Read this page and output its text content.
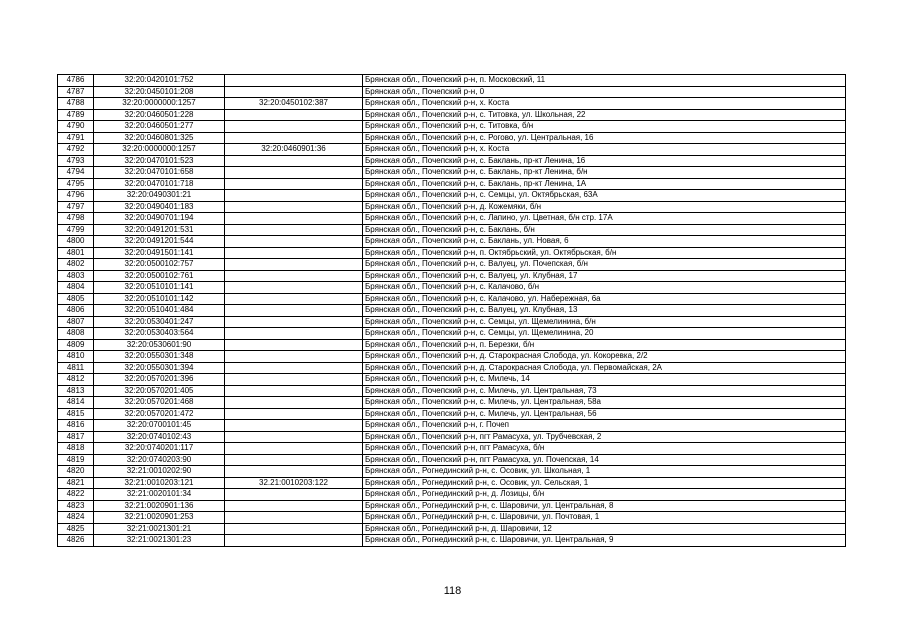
4786	32:20:0420101:752		Брянская обл., Почепский р-н, п. Московский, 11
4787	32:20:0450101:208		Брянская обл., Почепский р-н, 0
4788	32:20:0000000:1257	32:20:0450102:387	Брянская обл., Почепский р-н, х. Коста
4789	32:20:0460501:228		Брянская обл., Почепский р-н, с. Титовка, ул. Школьная, 22
4790	32:20:0460501:277		Брянская обл., Почепский р-н, с. Титовка, б/н
4791	32:20:0460801:325		Брянская обл., Почепский р-н, с. Рогово, ул. Центральная, 16
4792	32:20:0000000:1257	32:20:0460901:36	Брянская обл., Почепский р-н, х. Коста
4793	32:20:0470101:523		Брянская обл., Почепский р-н, с. Баклань, пр-кт Ленина, 16
4794	32:20:0470101:658		Брянская обл., Почепский р-н, с. Баклань, пр-кт Ленина, б/н
4795	32:20:0470101:718		Брянская обл., Почепский р-н, с. Баклань, пр-кт Ленина, 1А
4796	32:20:0490301:21		Брянская обл., Почепский р-н, с. Семцы, ул. Октябрьская, 63А
4797	32:20:0490401:183		Брянская обл., Почепский р-н, д. Кожемяки, б/н
4798	32:20:0490701:194		Брянская обл., Почепский р-н, с. Лапино, ул. Цветная, б/н стр. 17А
4799	32:20:0491201:531		Брянская обл., Почепский р-н, с. Баклань, б/н
4800	32:20:0491201:544		Брянская обл., Почепский р-н, с. Баклань, ул. Новая, 6
4801	32:20:0491501:141		Брянская обл., Почепский р-н, п. Октябрьский, ул. Октябрьская, б/н
4802	32:20:0500102:757		Брянская обл., Почепский р-н, с. Валуец, ул. Почепская, б/н
4803	32:20:0500102:761		Брянская обл., Почепский р-н, с. Валуец, ул. Клубная, 17
4804	32:20:0510101:141		Брянская обл., Почепский р-н, с. Калачово, б/н
4805	32:20:0510101:142		Брянская обл., Почепский р-н, с. Калачово, ул. Набережная, 6а
4806	32:20:0510401:484		Брянская обл., Почепский р-н, с. Валуец, ул. Клубная, 13
4807	32:20:0530401:247		Брянская обл., Почепский р-н, с. Семцы, ул. Щемелинина, б/н
4808	32:20:0530403:564		Брянская обл., Почепский р-н, с. Семцы, ул. Щемелинина, 20
4809	32:20:0530601:90		Брянская обл., Почепский р-н, п. Березки, б/н
4810	32:20:0550301:348		Брянская обл., Почепский р-н, д. Старокрасная Слобода, ул. Кокоревка, 2/2
4811	32:20:0550301:394		Брянская обл., Почепский р-н, д. Старокрасная Слобода, ул. Первомайская, 2А
4812	32:20:0570201:396		Брянская обл., Почепский р-н, с. Милечь, 14
4813	32:20:0570201:405		Брянская обл., Почепский р-н, с. Милечь, ул. Центральная, 73
4814	32:20:0570201:468		Брянская обл., Почепский р-н, с. Милечь, ул. Центральная, 58а
4815	32:20:0570201:472		Брянская обл., Почепский р-н, с. Милечь, ул. Центральная, 56
4816	32:20:0700101:45		Брянская обл., Почепский р-н, г. Почеп
4817	32:20:0740102:43		Брянская обл., Почепский р-н, пгт Рамасуха, ул. Трубчевская, 2
4818	32:20:0740201:117		Брянская обл., Почепский р-н, пгт Рамасуха, б/н
4819	32:20:0740203:90		Брянская обл., Почепский р-н, пгт Рамасуха, ул. Почепская, 14
4820	32:21:0010202:90		Брянская обл., Рогнединский р-н, с. Осовик, ул. Школьная, 1
4821	32:21:0010203:121	32.21:0010203:122	Брянская обл., Рогнединский р-н, с. Осовик, ул. Сельская, 1
4822	32:21:0020101:34		Брянская обл., Рогнединский р-н, д. Лозицы, б/н
4823	32:21:0020901:136		Брянская обл., Рогнединский р-н, с. Шаровичи, ул. Центральная, 8
4824	32:21:0020901:253		Брянская обл., Рогнединский р-н, с. Шаровичи, ул. Почтовая, 1
4825	32:21:0021301:21		Брянская обл., Рогнединский р-н, д. Шаровичи, 12
4826	32:21:0021301:23		Брянская обл., Рогнединский р-н, с. Шаровичи, ул. Центральная, 9
118
